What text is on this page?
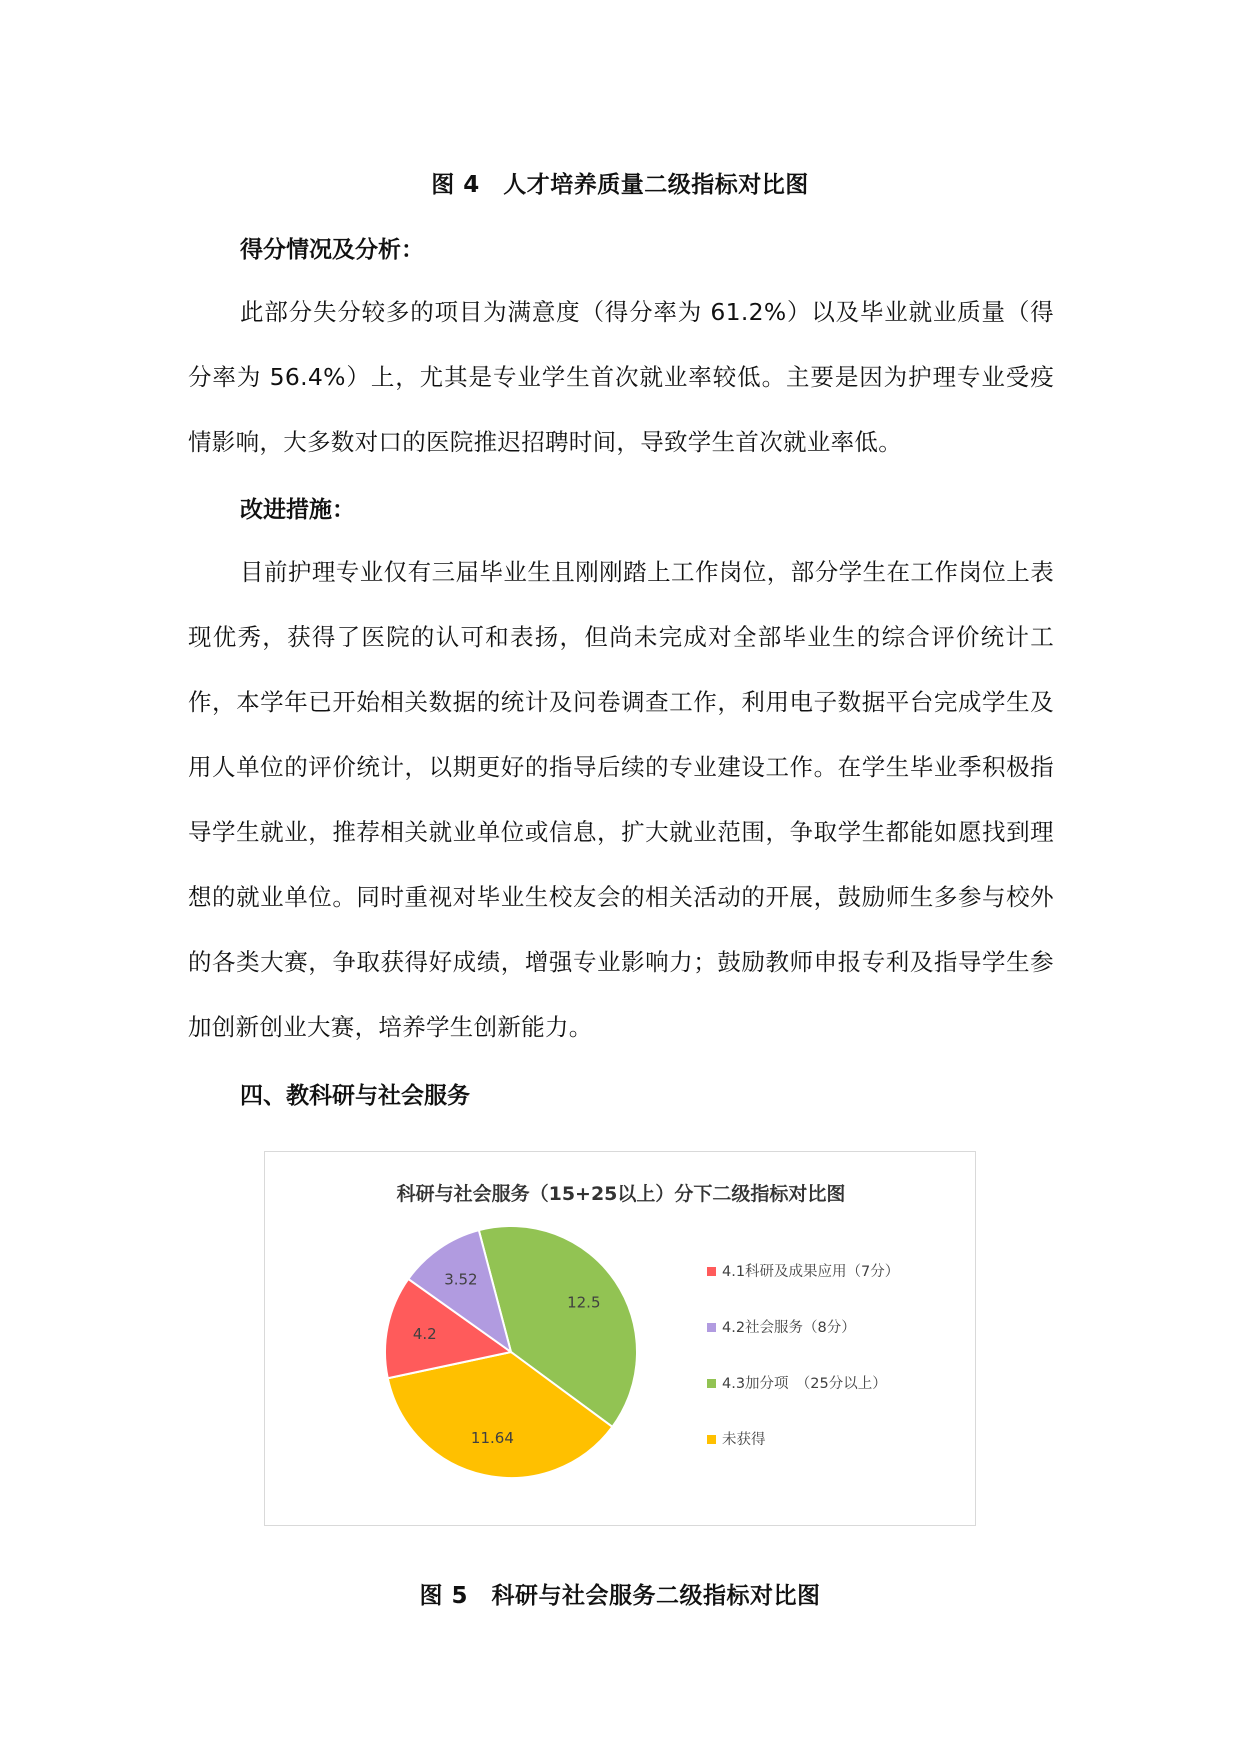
图 4　人才培养质量二级指标对比图
得分情况及分析：

此部分失分较多的项目为满意度（得分率为 61.2%）以及毕业就业质量（得分率为 56.4%）上，尤其是专业学生首次就业率较低。主要是因为护理专业受疫情影响，大多数对口的医院推迟招聘时间，导致学生首次就业率低。

改进措施：

目前护理专业仅有三届毕业生且刚刚踏上工作岗位，部分学生在工作岗位上表现优秀，获得了医院的认可和表扬，但尚未完成对全部毕业生的综合评价统计工作，本学年已开始相关数据的统计及问卷调查工作，利用电子数据平台完成学生及用人单位的评价统计，以期更好的指导后续的专业建设工作。在学生毕业季积极指导学生就业，推荐相关就业单位或信息，扩大就业范围，争取学生都能如愿找到理想的就业单位。同时重视对毕业生校友会的相关活动的开展，鼓励师生多参与校外的各类大赛，争取获得好成绩，增强专业影响力；鼓励教师申报专利及指导学生参加创新创业大赛，培养学生创新能力。

四、教科研与社会服务
科研与社会服务（15+25以上）分下二级指标对比图
12.5
11.64
4.2
3.52	4.1科研及成果应用（7分）
4.2社会服务（8分）
4.3加分项　（25分以上）
未获得
图 5　科研与社会服务二级指标对比图
